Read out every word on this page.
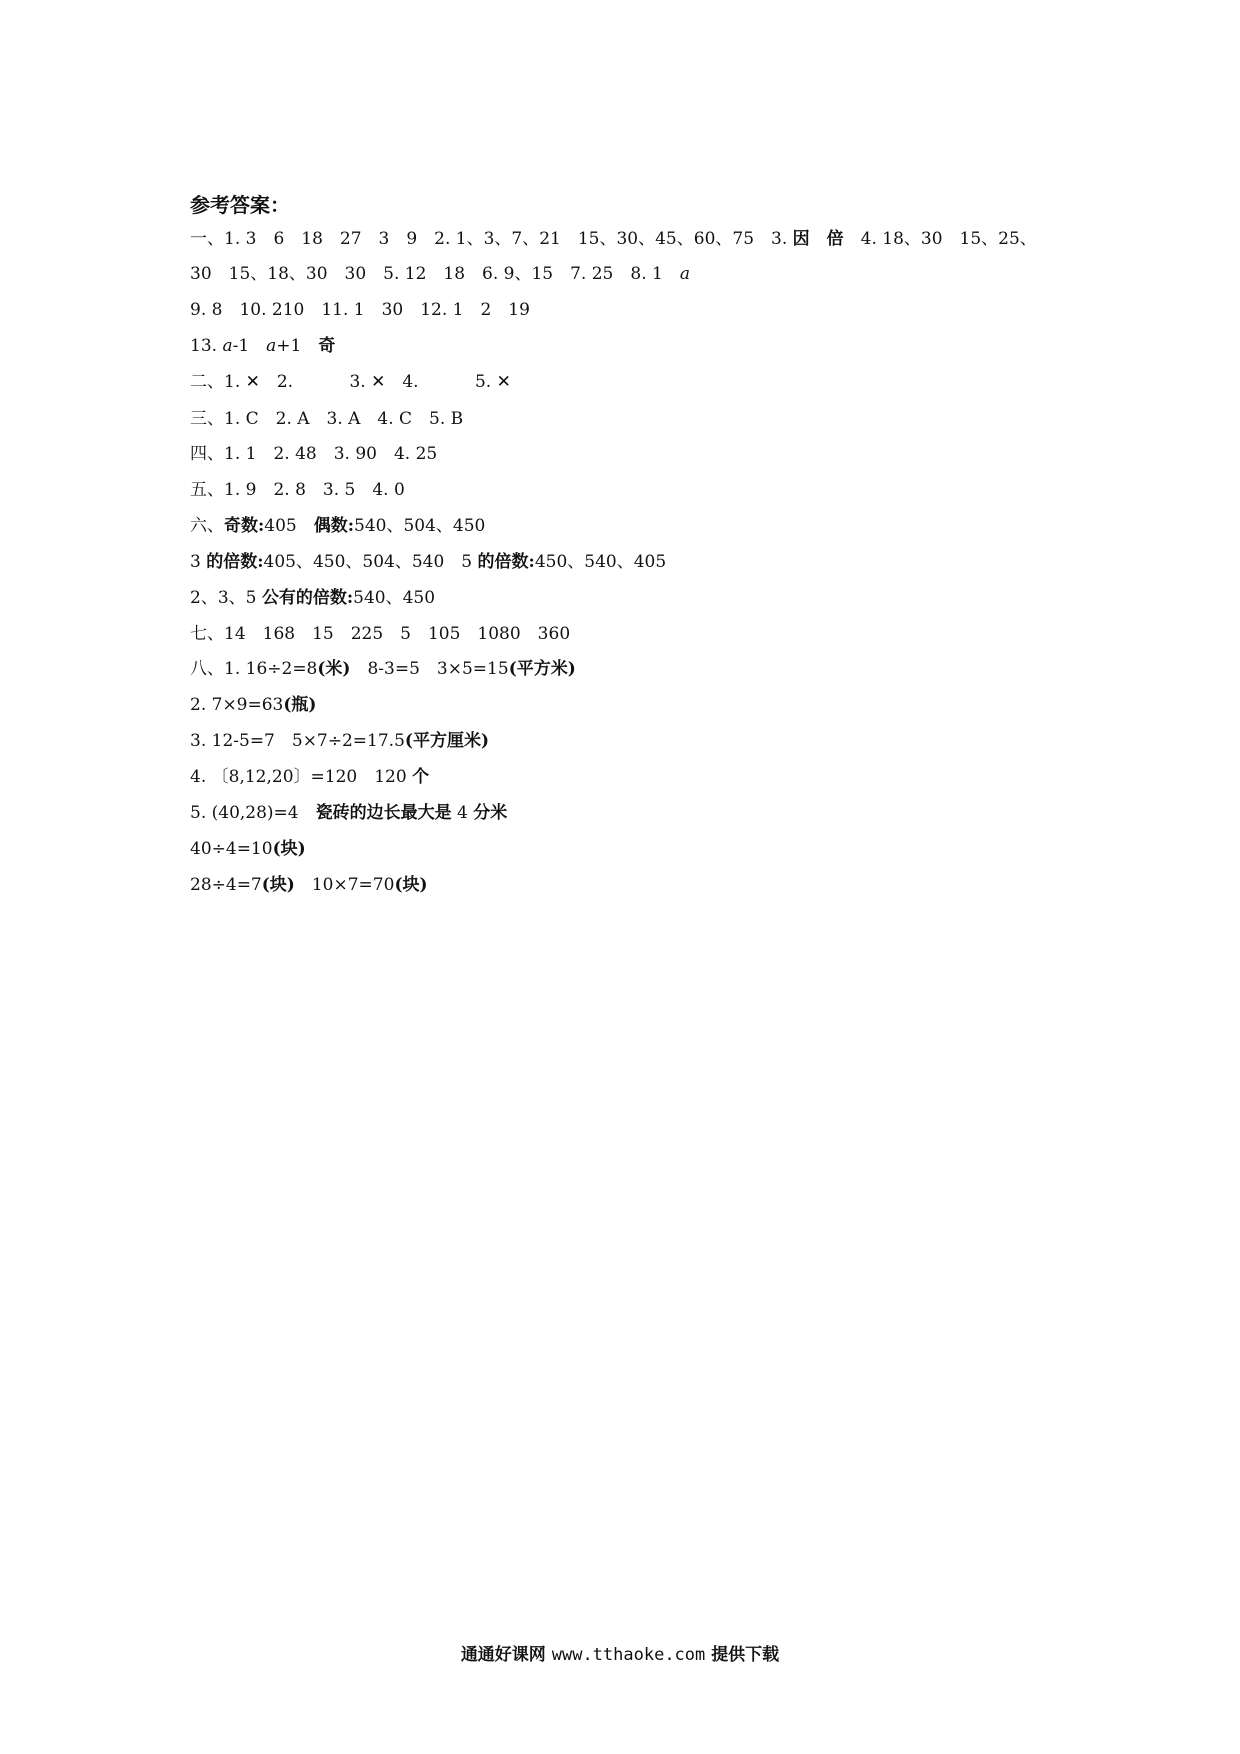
参考答案：
一、1. 3　6　18　27　3　9　2. 1、3、7、21　15、30、45、60、75　3. 因　倍　4. 18、30　15、25、
30　15、18、30　30　5. 12　18　6. 9、15　7. 25　8. 1　a
9. 8　10. 210　11. 1　30　12. 1　2　19
13. a-1　a+1　奇
二、1. ✕　2. 　　　3. ✕　4. 　　　5. ✕
三、1. C　2. A　3. A　4. C　5. B
四、1. 1　2. 48　3. 90　4. 25
五、1. 9　2. 8　3. 5　4. 0
六、奇数:405　偶数:540、504、450
3 的倍数:405、450、504、540　5 的倍数:450、540、405
2、3、5 公有的倍数:540、450
七、14　168　15　225　5　105　1080　360
八、1. 16÷2=8(米)　8-3=5　3×5=15(平方米)
2. 7×9=63(瓶)
3. 12-5=7　5×7÷2=17.5(平方厘米)
4. 〔8,12,20〕=120　120 个
5. (40,28)=4　瓷砖的边长最大是 4 分米
40÷4=10(块)
28÷4=7(块)　10×7=70(块)
通通好课网 www.tthaoke.com 提供下载
